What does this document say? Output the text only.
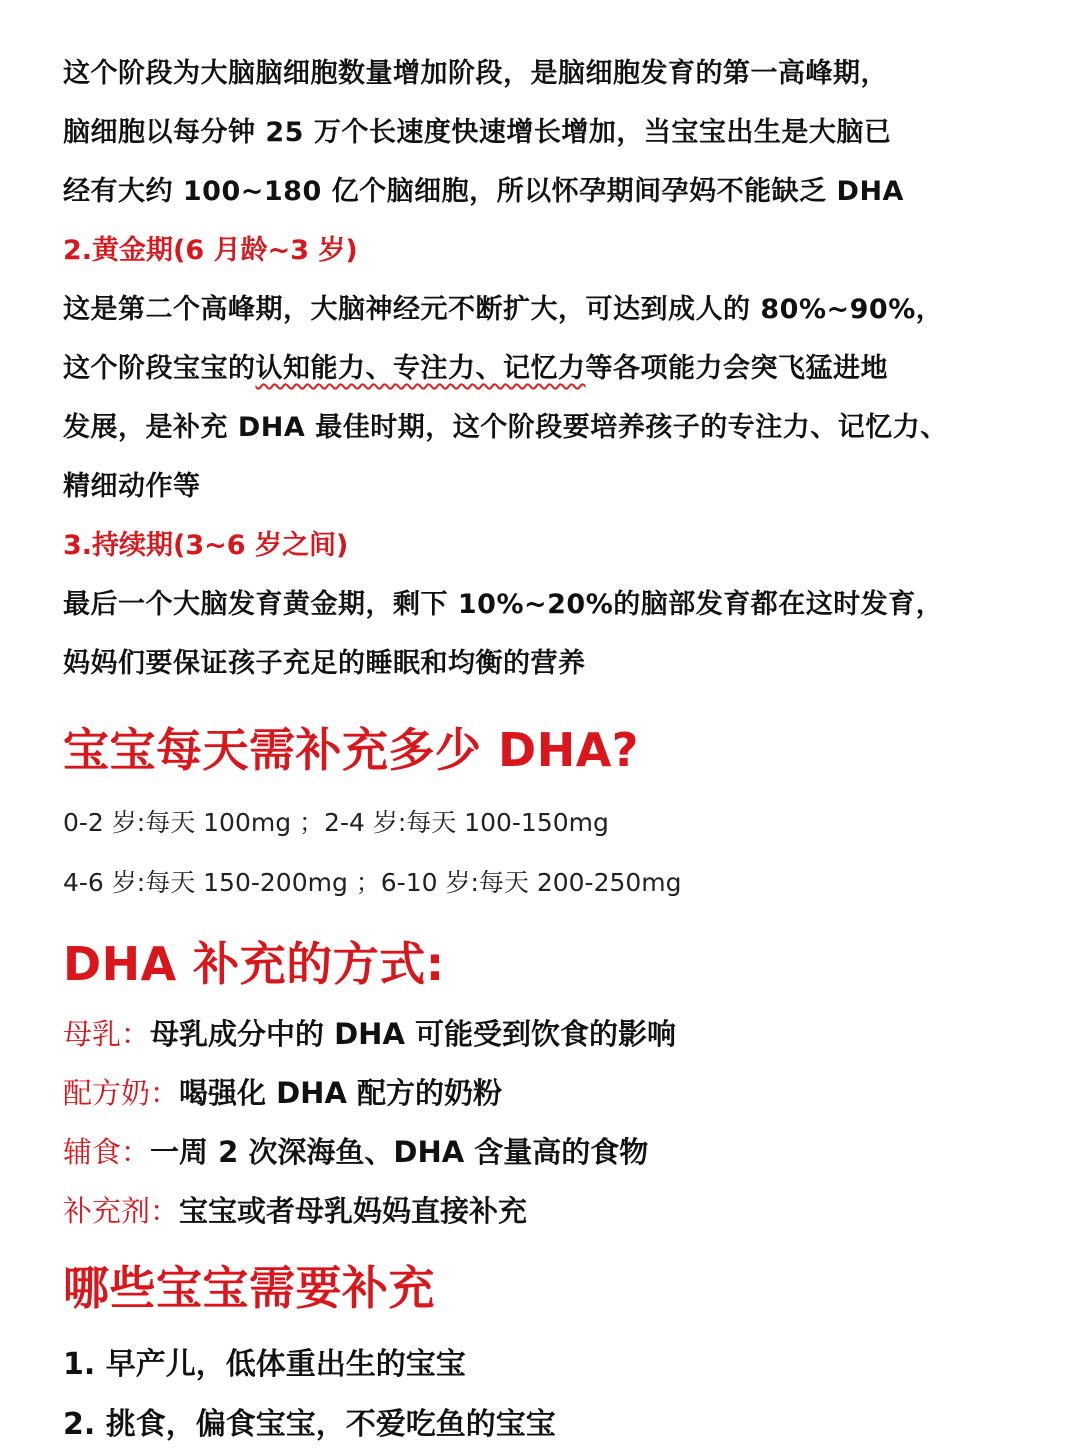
这个阶段为大脑脑细胞数量增加阶段，是脑细胞发育的第一高峰期，
脑细胞以每分钟 25 万个长速度快速增长增加，当宝宝出生是大脑已
经有大约 100~180 亿个脑细胞，所以怀孕期间孕妈不能缺乏 DHA
2.黄金期(6 月龄~3 岁)
这是第二个高峰期，大脑神经元不断扩大，可达到成人的 80%~90%，
这个阶段宝宝的认知能力、专注力、记忆力等各项能力会突飞猛进地
发展，是补充 DHA 最佳时期，这个阶段要培养孩子的专注力、记忆力、
精细动作等
3.持续期(3~6 岁之间)
最后一个大脑发育黄金期，剩下 10%~20%的脑部发育都在这时发育，
妈妈们要保证孩子充足的睡眠和均衡的营养
宝宝每天需补充多少 DHA?
0-2 岁:每天 100mg ；2-4 岁:每天 100-150mg
4-6 岁:每天 150-200mg ；6-10 岁:每天 200-250mg
DHA 补充的方式:
母乳：母乳成分中的 DHA 可能受到饮食的影响
配方奶：喝强化 DHA 配方的奶粉
辅食：一周 2 次深海鱼、DHA 含量高的食物
补充剂：宝宝或者母乳妈妈直接补充
哪些宝宝需要补充
1. 早产儿，低体重出生的宝宝
2. 挑食，偏食宝宝，不爱吃鱼的宝宝
